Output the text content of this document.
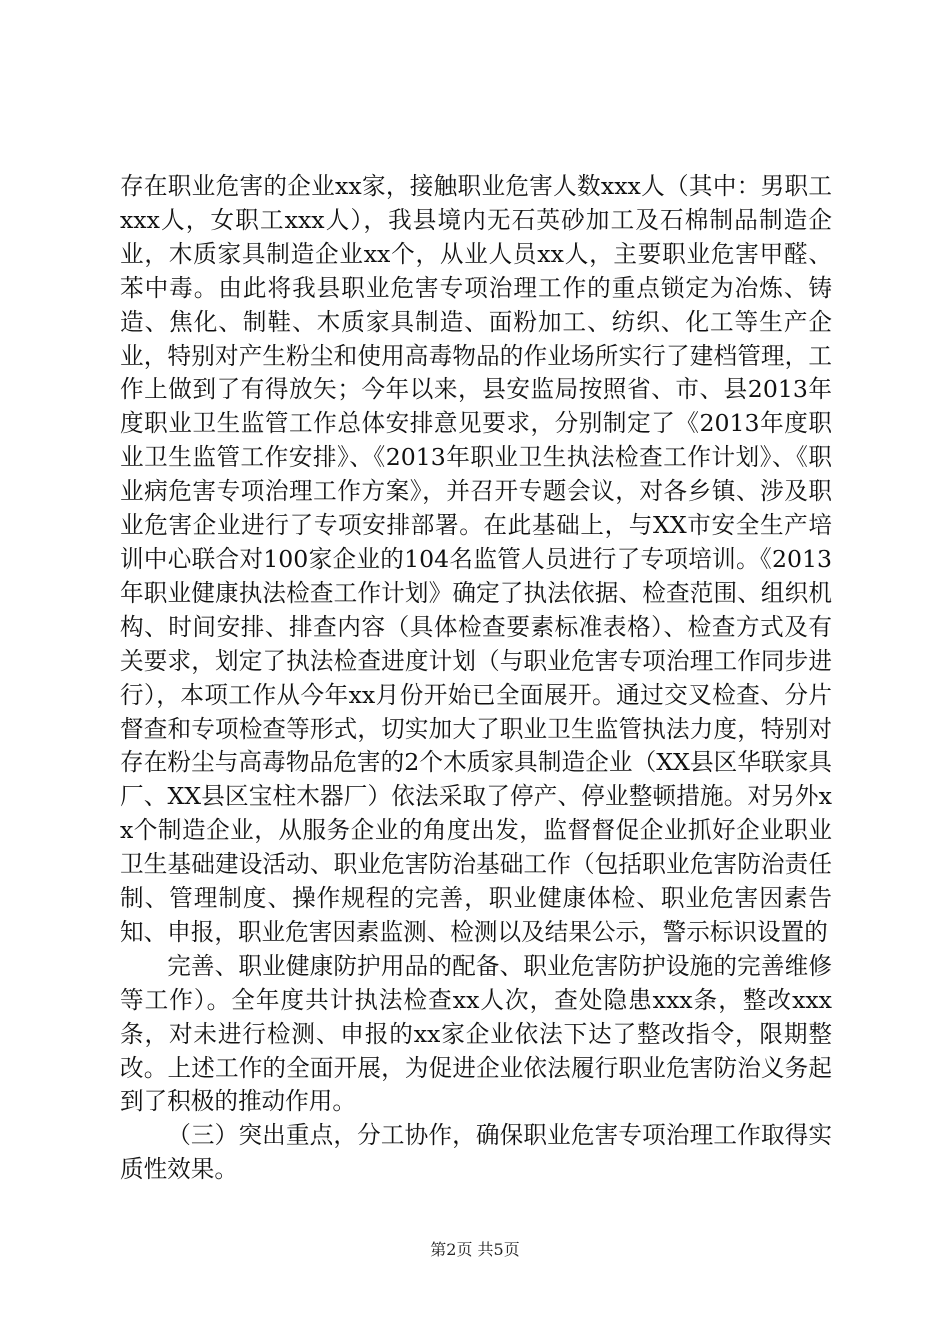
存在职业危害的企业xx家，接触职业危害人数xxx人（其中：男职工xxx人，女职工xxx人），我县境内无石英砂加工及石棉制品制造企业，木质家具制造企业xx个，从业人员xx人，主要职业危害甲醛、苯中毒。由此将我县职业危害专项治理工作的重点锁定为冶炼、铸造、焦化、制鞋、木质家具制造、面粉加工、纺织、化工等生产企业，特别对产生粉尘和使用高毒物品的作业场所实行了建档管理，工作上做到了有得放矢；今年以来，县安监局按照省、市、县2013年度职业卫生监管工作总体安排意见要求，分别制定了《2013年度职业卫生监管工作安排》、《2013年职业卫生执法检查工作计划》、《职业病危害专项治理工作方案》，并召开专题会议，对各乡镇、涉及职业危害企业进行了专项安排部署。在此基础上，与XX市安全生产培训中心联合对100家企业的104名监管人员进行了专项培训。《2013年职业健康执法检查工作计划》确定了执法依据、检查范围、组织机构、时间安排、排查内容（具体检查要素标准表格）、检查方式及有关要求，划定了执法检查进度计划（与职业危害专项治理工作同步进行），本项工作从今年xx月份开始已全面展开。通过交叉检查、分片督查和专项检查等形式，切实加大了职业卫生监管执法力度，特别对存在粉尘与高毒物品危害的2个木质家具制造企业（XX县区华联家具厂、XX县区宝柱木器厂）依法采取了停产、停业整顿措施。对另外xx个制造企业，从服务企业的角度出发，监督督促企业抓好企业职业卫生基础建设活动、职业危害防治基础工作（包括职业危害防治责任制、管理制度、操作规程的完善，职业健康体检、职业危害因素告知、申报，职业危害因素监测、检测以及结果公示，警示标识设置的

完善、职业健康防护用品的配备、职业危害防护设施的完善维修等工作）。全年度共计执法检查xx人次，查处隐患xxx条，整改xxx条，对未进行检测、申报的xx家企业依法下达了整改指令，限期整改。上述工作的全面开展，为促进企业依法履行职业危害防治义务起到了积极的推动作用。

（三）突出重点，分工协作，确保职业危害专项治理工作取得实质性效果。

第2页 共5页
